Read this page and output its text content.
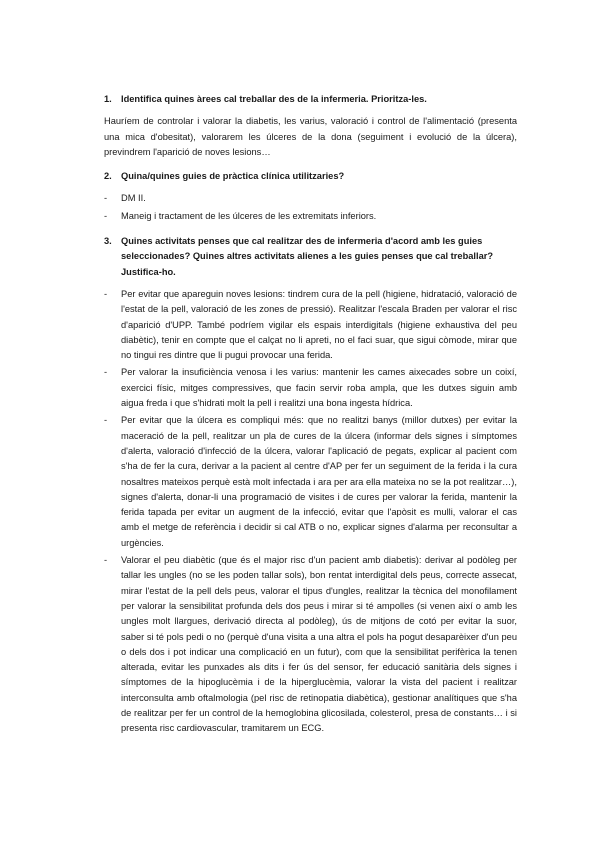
1. Identifica quines àrees cal treballar des de la infermeria. Prioritza-les.

Hauríem de controlar i valorar la diabetis, les varius, valoració i control de l'alimentació (presenta una mica d'obesitat), valorarem les úlceres de la dona (seguiment i evolució de la úlcera), previndrem l'aparició de noves lesions…

2. Quina/quines guies de pràctica clínica utilitzaries?
-	DM II.
-	Maneig i tractament de les úlceres de les extremitats inferiors.
3. Quines activitats penses que cal realitzar des de infermeria d'acord amb les guies seleccionades? Quines altres activitats alienes a les guies penses que cal treballar? Justifica-ho.
-	Per evitar que apareguin noves lesions: tindrem cura de la pell (higiene, hidratació, valoració de l'estat de la pell, valoració de les zones de pressió). Realitzar l'escala Braden per valorar el risc d'aparició d'UPP. També podríem vigilar els espais interdigitals (higiene exhaustiva del peu diabètic), tenir en compte que el calçat no li apreti, no el faci suar, que sigui còmode, mirar que no tingui res dintre que li pugui provocar una ferida.
-	Per valorar la insuficiència venosa i les varius: mantenir les cames aixecades sobre un coixí, exercici físic, mitges compressives, que facin servir roba ampla, que les dutxes siguin amb aigua freda i que s'hidrati molt la pell i realitzi una bona ingesta hídrica.
-	Per evitar que la úlcera es compliqui més: que no realitzi banys (millor dutxes) per evitar la maceració de la pell, realitzar un pla de cures de la úlcera (informar dels signes i símptomes d'alerta, valoració d'infecció de la úlcera, valorar l'aplicació de pegats, explicar al pacient com s'ha de fer la cura, derivar a la pacient al centre d'AP per fer un seguiment de la ferida i la cura nosaltres mateixos perquè està molt infectada i ara per ara ella mateixa no se la pot realitzar…), signes d'alerta, donar-li una programació de visites i de cures per valorar la ferida, mantenir la ferida tapada per evitar un augment de la infecció, evitar que l'apòsit es mulli, valorar el cas amb el metge de referència i decidir si cal ATB o no, explicar signes d'alarma per reconsultar a urgències.
-	Valorar el peu diabètic (que és el major risc d'un pacient amb diabetis): derivar al podòleg per tallar les ungles (no se les poden tallar sols), bon rentat interdigital dels peus, correcte assecat, mirar l'estat de la pell dels peus, valorar el tipus d'ungles, realitzar la tècnica del monofilament per valorar la sensibilitat profunda dels dos peus i mirar si té ampolles (si venen així o amb les ungles molt llargues, derivació directa al podòleg), ús de mitjons de cotó per evitar la suor, saber si té pols pedi o no (perquè d'una visita a una altra el pols ha pogut desaparèixer d'un peu o dels dos i pot indicar una complicació en un futur), com que la sensibilitat perifèrica la tenen alterada, evitar les punxades als dits i fer ús del sensor, fer educació sanitària dels signes i símptomes de la hipoglucèmia i de la hiperglucèmia, valorar la vista del pacient i realitzar interconsulta amb oftalmologia (pel risc de retinopatia diabètica), gestionar analítiques que s'ha de realitzar per fer un control de la hemoglobina glicosilada, colesterol, presa de constants… i si presenta risc cardiovascular, tramitarem un ECG.
